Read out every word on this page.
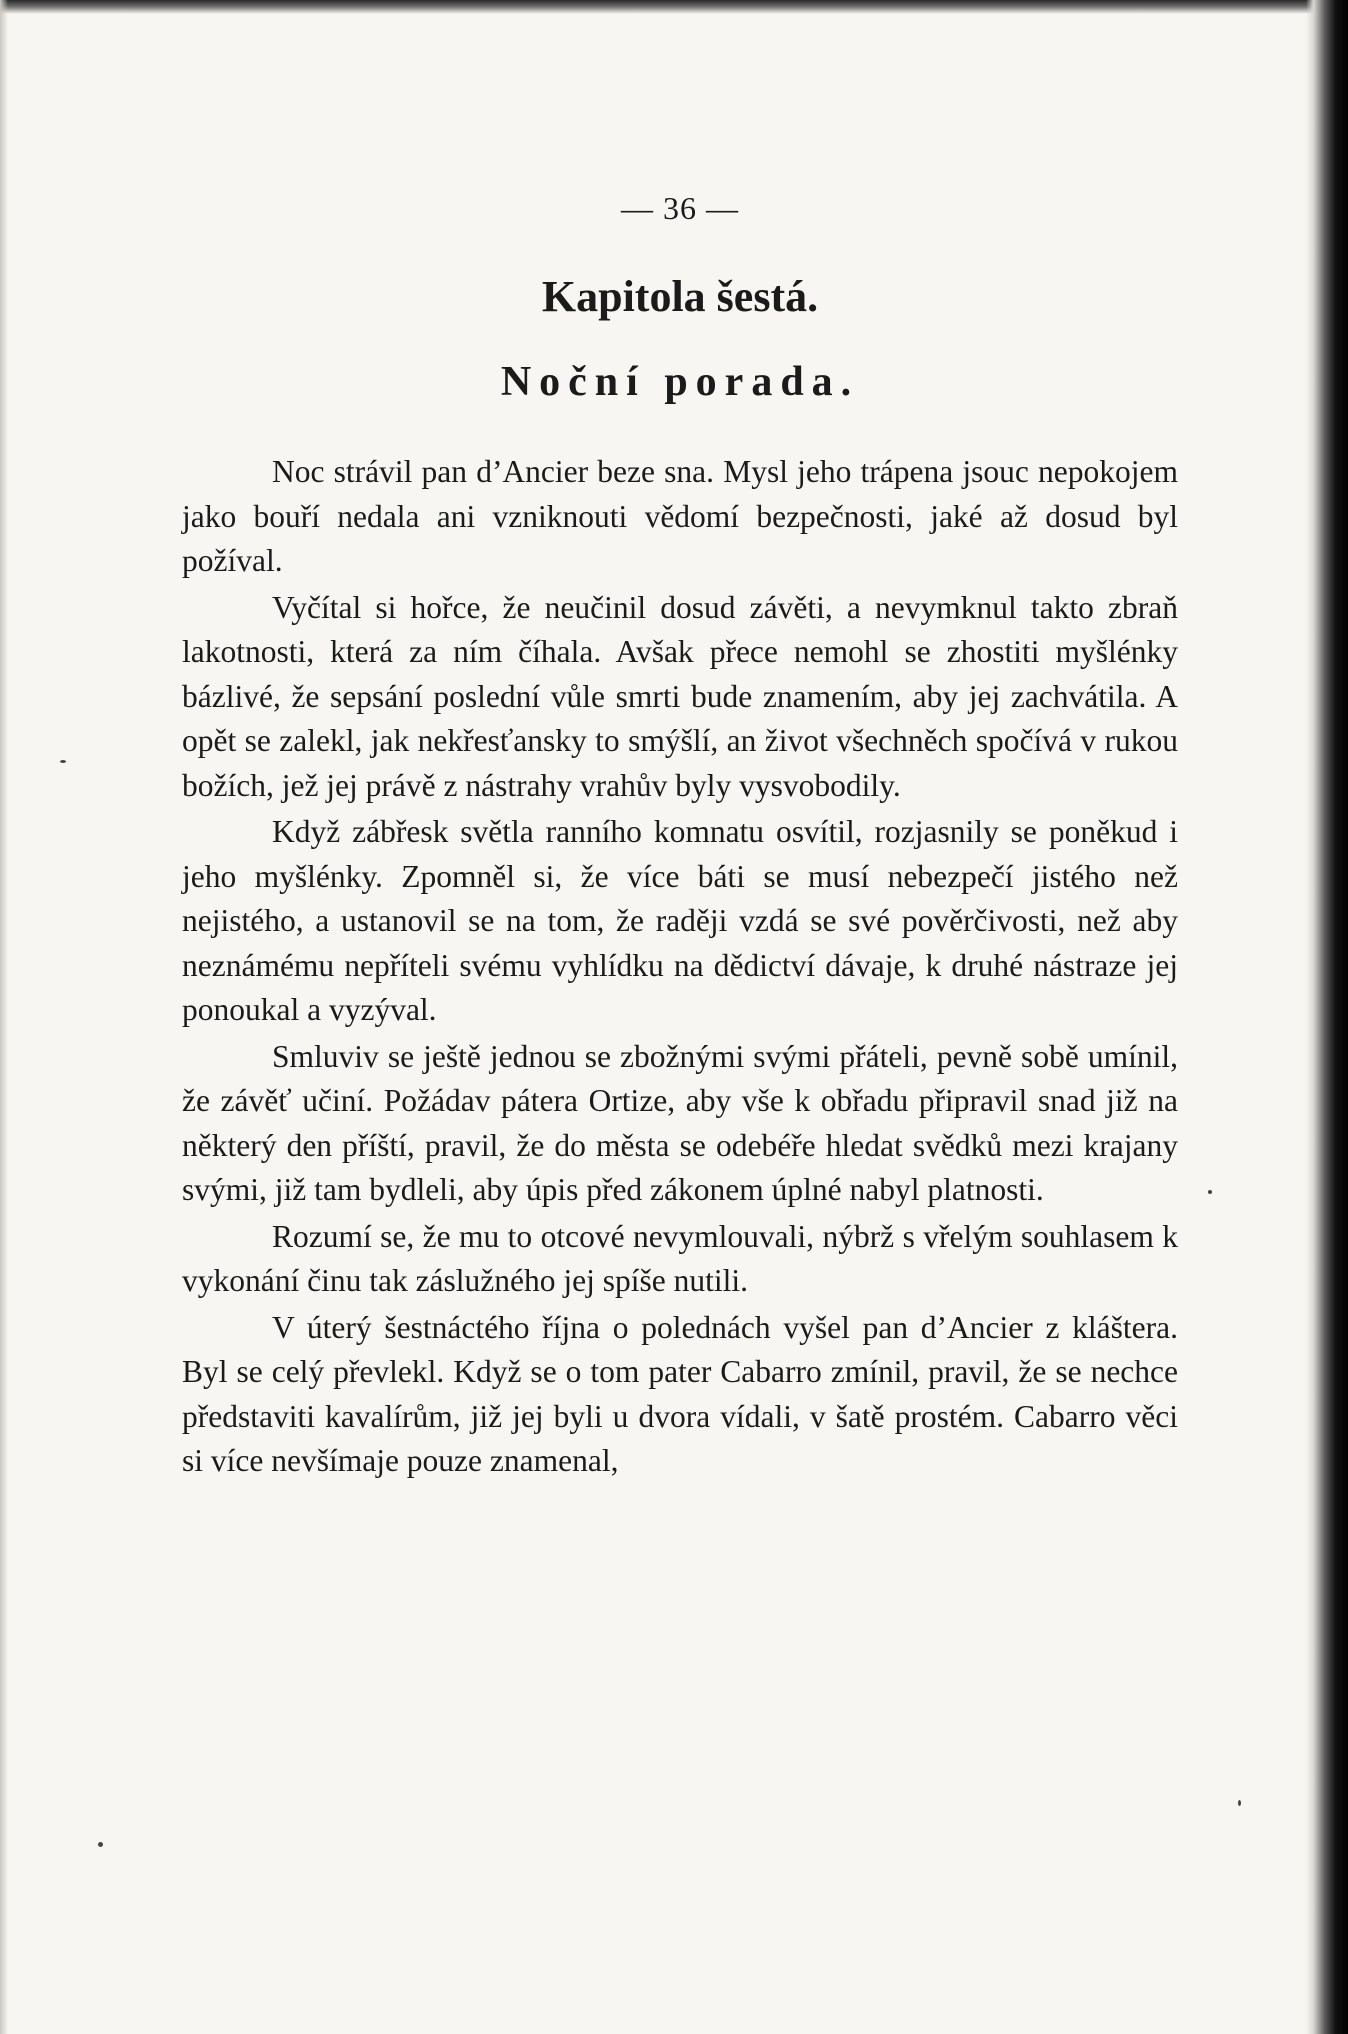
— 36 —
Kapitola šestá.
Noční porada.

Noc strávil pan d’Ancier beze sna. Mysl jeho trápena jsouc nepokojem jako bouří nedala ani vzniknouti vědomí bezpečnosti, jaké až dosud byl požíval.

Vyčítal si hořce, že neučinil dosud závěti, a nevymknul takto zbraň lakotnosti, která za ním číhala. Avšak přece nemohl se zhostiti myšlénky bázlivé, že sepsání poslední vůle smrti bude znamením, aby jej zachvátila. A opět se zalekl, jak nekřesťansky to smýšlí, an život všechněch spočívá v rukou božích, jež jej právě z nástrahy vrahův byly vysvobodily.

Když zábřesk světla ranního komnatu osvítil, rozjasnily se poněkud i jeho myšlénky. Zpomněl si, že více báti se musí nebezpečí jistého než nejistého, a ustanovil se na tom, že raději vzdá se své pověrčivosti, než aby neznámému nepříteli svému vyhlídku na dědictví dávaje, k druhé nástraze jej ponoukal a vyzýval.

Smluviv se ještě jednou se zbožnými svými přáteli, pevně sobě umínil, že závěť učiní. Požádav pátera Ortize, aby vše k obřadu připravil snad již na některý den příští, pravil, že do města se odebéře hledat svědků mezi krajany svými, již tam bydleli, aby úpis před zákonem úplné nabyl platnosti.

Rozumí se, že mu to otcové nevymlouvali, nýbrž s vřelým souhlasem k vykonání činu tak záslužného jej spíše nutili.

V úterý šestnáctého října o polednách vyšel pan d’Ancier z kláštera. Byl se celý převlekl. Když se o tom pater Cabarro zmínil, pravil, že se nechce představiti kavalírům, již jej byli u dvora vídali, v šatě prostém. Cabarro věci si více nevšímaje pouze znamenal,
